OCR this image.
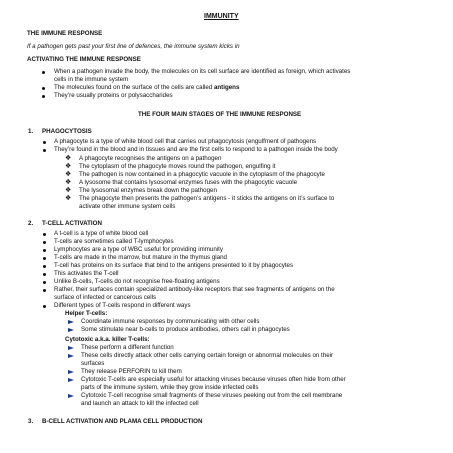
IMMUNITY
THE IMMUNE RESPONSE
If a pathogen gets past your first line of defences, the immune system kicks in
ACTIVATING THE IMMUNE RESPONSE
When a pathogen invade the body, the molecules on its cell surface are identified as foreign, which activates
cells in the immune system
The molecules found on the surface of the cells are called antigens
They’re usually proteins or polysaccharides
THE FOUR MAIN STAGES OF THE IMMUNE RESPONSE
1. PHAGOCYTOSIS
A phagocyte is a type of white blood cell that carries out phagocytosis (engulfment of pathogens
They’re found in the blood and in tissues and are the first cells to respond to a pathogen inside the body
❖ A phagocyte recognises the antigens on a pathogen
❖ The cytoplasm of the phagocyte moves round the pathogen, engulfing it
❖ The pathogen is now contained in a phagocytic vacuole in the cytoplasm of the phagocyte
❖ A lysosome that contains lysosomal enzymes fuses with the phagocytic vacuole
❖ The lysosomal enzymes break down the pathogen
❖ The phagocyte then presents the pathogen’s antigens - it sticks the antigens on it’s surface to
activate other immune system cells
2. T-CELL ACTIVATION
A t-cell is a type of white blood cell
T-cells are sometimes called T-lymphocytes
Lymphocytes are a type of WBC useful for providing immunity
T-cells are made in the marrow, but mature in the thymus gland
T-cell has proteins on its surface that bind to the antigens presented to it by phagocytes
This activates the T-cell
Unlike B-cells, T-cells do not recognise free-floating antigens
Rather, their surfaces contain specialized antibody-like receptors that see fragments of antigens on the
surface of infected or cancerous cells
Different types of T-cells respond in different ways
Helper T-cells:
Coordinate immune responses by communicating with other cells
Some stimulate near b-cells to produce antibodies, others call in phagocytes
Cytotoxic a.k.a. killer T-cells:
These perform a different function
These cells directly attack other cells carrying certain foreign or abnormal molecules on their
surfaces
They release PERFORIN to kill them
Cytotoxic T-cells are especially useful for attacking viruses because viruses often hide from other
parts of the immune system, while they grow inside infected cells
Cytotoxic T-cell recognise small fragments of these viruses peeking out from the cell membrane
and launch an attack to kill the infected cell
3. B-CELL ACTIVATION AND PLAMA CELL PRODUCTION
